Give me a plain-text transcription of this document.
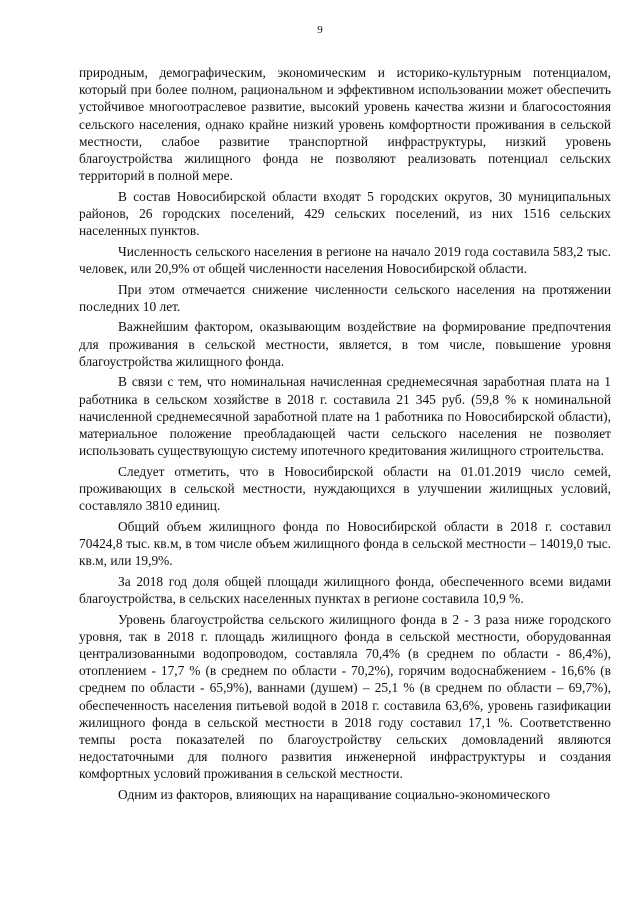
9

природным, демографическим, экономическим и историко-культурным потенциалом, который при более полном, рациональном и эффективном использовании может обеспечить устойчивое многоотраслевое развитие, высокий уровень качества жизни и благосостояния сельского населения, однако крайне низкий уровень комфортности проживания в сельской местности, слабое развитие транспортной инфраструктуры, низкий уровень благоустройства жилищного фонда не позволяют реализовать потенциал сельских территорий в полной мере.

В состав Новосибирской области входят 5 городских округов, 30 муниципальных районов, 26 городских поселений, 429 сельских поселений, из них 1516 сельских населенных пунктов.

Численность сельского населения в регионе на начало 2019 года составила 583,2 тыс. человек, или 20,9% от общей численности населения Новосибирской области.

При этом отмечается снижение численности сельского населения на протяжении последних 10 лет.

Важнейшим фактором, оказывающим воздействие на формирование предпочтения для проживания в сельской местности, является, в том числе, повышение уровня благоустройства жилищного фонда.

В связи с тем, что номинальная начисленная среднемесячная заработная плата на 1 работника в сельском хозяйстве в 2018 г. составила 21 345 руб. (59,8 % к номинальной начисленной среднемесячной заработной плате на 1 работника по Новосибирской области), материальное положение преобладающей части сельского населения не позволяет использовать существующую систему ипотечного кредитования жилищного строительства.

Следует отметить, что в Новосибирской области на 01.01.2019 число семей, проживающих в сельской местности, нуждающихся в улучшении жилищных условий, составляло 3810 единиц.

Общий объем жилищного фонда по Новосибирской области в 2018 г. составил 70424,8 тыс. кв.м, в том числе объем жилищного фонда в сельской местности – 14019,0 тыс. кв.м, или 19,9%.

За 2018 год доля общей площади жилищного фонда, обеспеченного всеми видами благоустройства, в сельских населенных пунктах в регионе составила 10,9 %.

Уровень благоустройства сельского жилищного фонда в 2 - 3 раза ниже городского уровня, так в 2018 г. площадь жилищного фонда в сельской местности, оборудованная централизованными водопроводом, составляла 70,4% (в среднем по области - 86,4%), отоплением - 17,7 % (в среднем по области - 70,2%), горячим водоснабжением - 16,6% (в среднем по области - 65,9%), ваннами (душем) – 25,1 % (в среднем по области – 69,7%), обеспеченность населения питьевой водой в 2018 г. составила 63,6%, уровень газификации жилищного фонда в сельской местности в 2018 году составил 17,1 %. Соответственно темпы роста показателей по благоустройству сельских домовладений являются недостаточными для полного развития инженерной инфраструктуры и создания комфортных условий проживания в сельской местности.

Одним из факторов, влияющих на наращивание социально-экономического
